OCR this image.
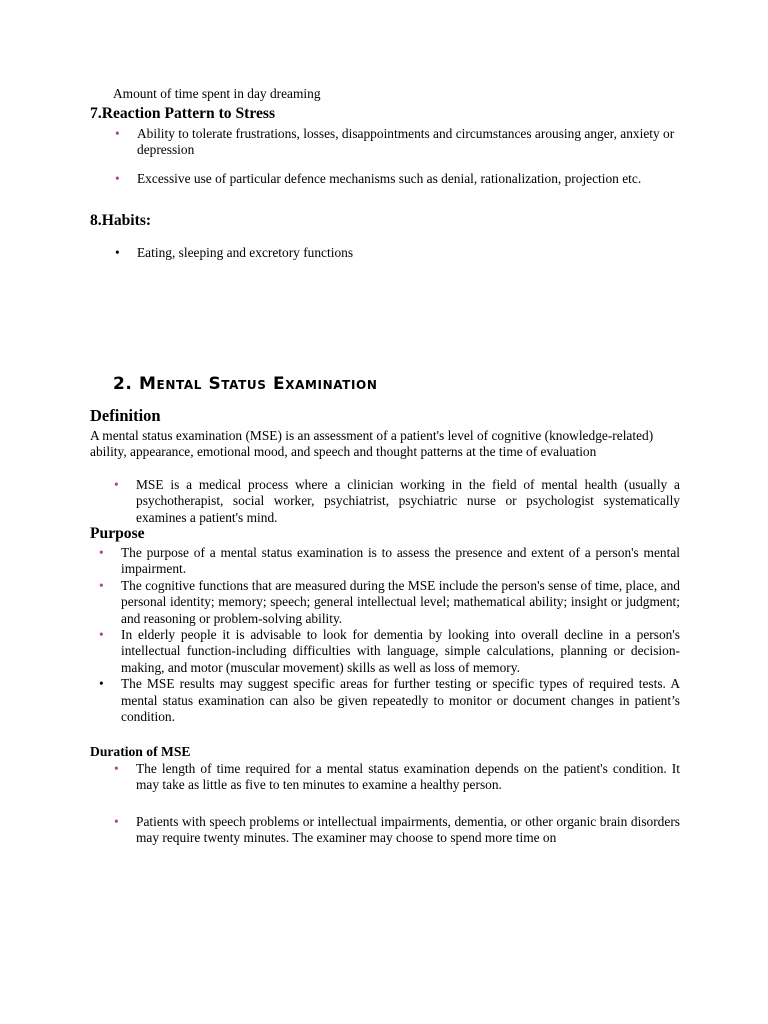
Amount of time spent in day dreaming
7.Reaction Pattern to Stress
•	Ability to tolerate frustrations, losses, disappointments and circumstances arousing anger, anxiety or depression
•	Excessive use of particular defence mechanisms such as denial, rationalization, projection etc.
8.Habits:
•	Eating, sleeping and excretory functions
2. Mental Status Examination
Definition
A mental status examination (MSE) is an assessment of a patient's level of cognitive (knowledge-related) ability, appearance, emotional mood, and speech and thought patterns at the time of evaluation
•	MSE is a medical process where a clinician working in the field of mental health (usually a psychotherapist, social worker, psychiatrist, psychiatric nurse or psychologist systematically examines a patient's mind.
Purpose
•	The purpose of a mental status examination is to assess the presence and extent of a person's mental impairment.
•	The cognitive functions that are measured during the MSE include the person's sense of time, place, and personal identity; memory; speech; general intellectual level; mathematical ability; insight or judgment; and reasoning or problem-solving ability.
•	In elderly people it is advisable to look for dementia by looking into overall decline in a person's intellectual function-including difficulties with language, simple calculations, planning or decision-making, and motor (muscular movement) skills as well as loss of memory.
•	The MSE results may suggest specific areas for further testing or specific types of required tests. A mental status examination can also be given repeatedly to monitor or document changes in patient’s condition.
Duration of MSE
•	The length of time required for a mental status examination depends on the patient's condition. It may take as little as five to ten minutes to examine a healthy person.
•	Patients with speech problems or intellectual impairments, dementia, or other organic brain disorders may require twenty minutes. The examiner may choose to spend more time on
